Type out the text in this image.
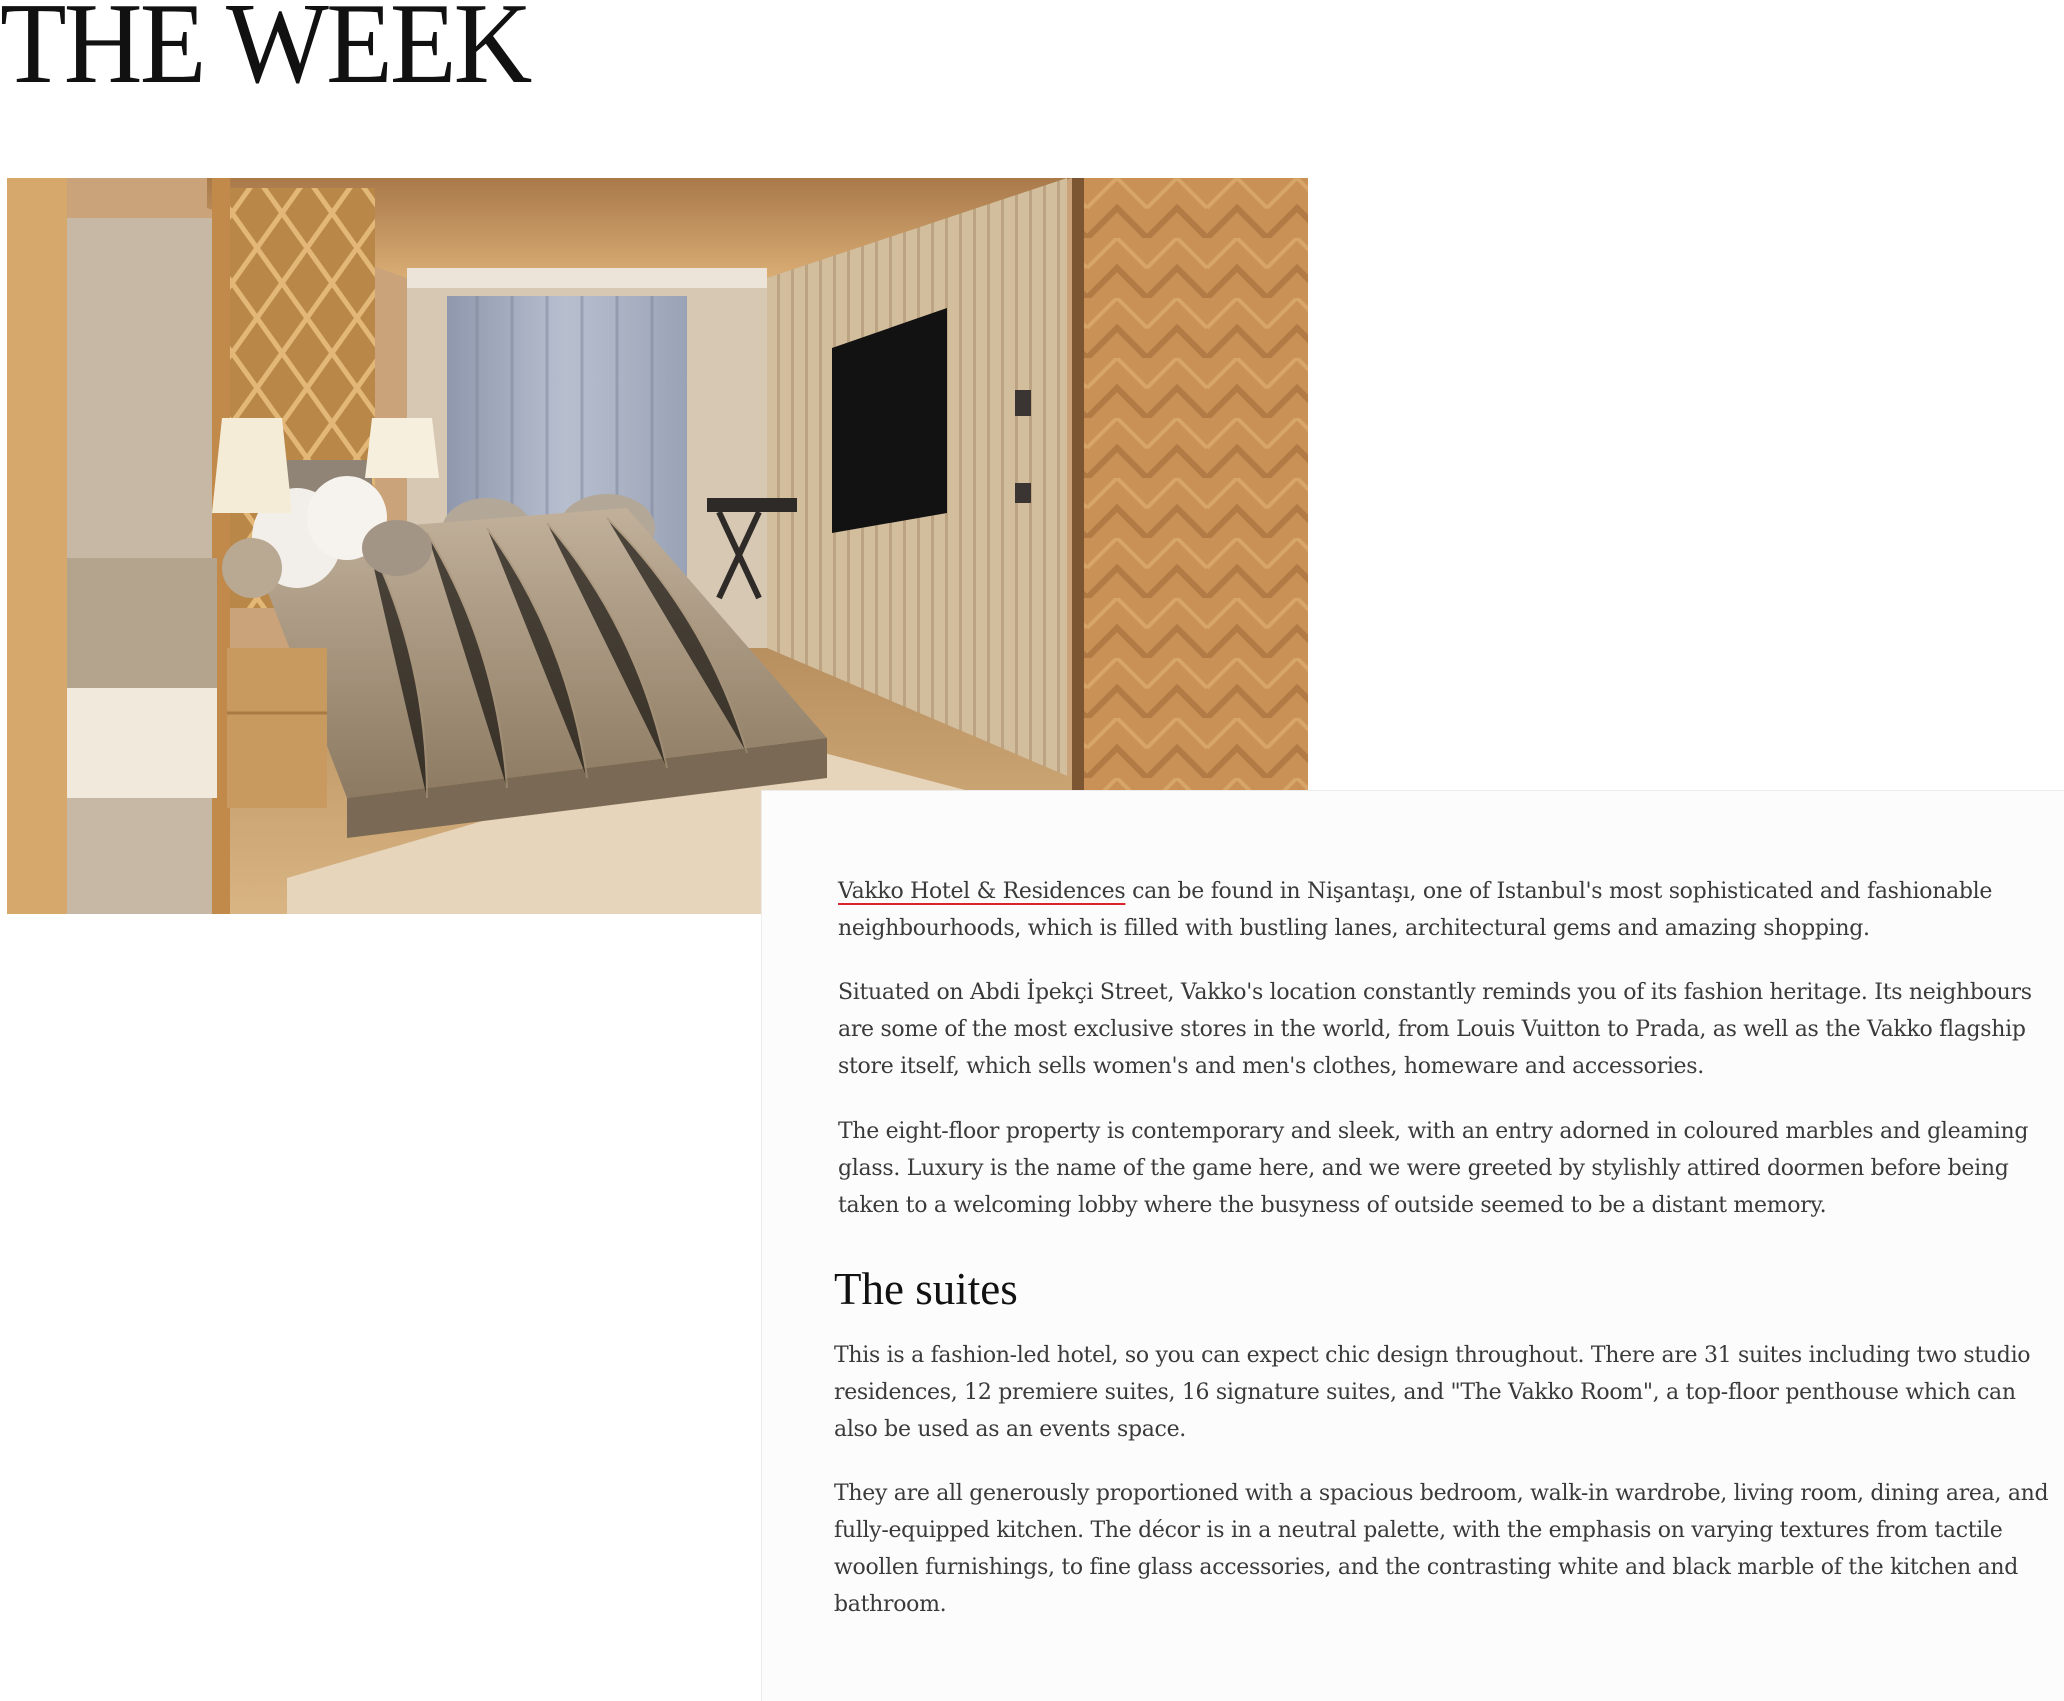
THE WEEK

Vakko Hotel & Residences can be found in Nişantaşı, one of Istanbul's most sophisticated and fashionable neighbourhoods, which is filled with bustling lanes, architectural gems and amazing shopping.

Situated on Abdi İpekçi Street, Vakko's location constantly reminds you of its fashion heritage. Its neighbours are some of the most exclusive stores in the world, from Louis Vuitton to Prada, as well as the Vakko flagship store itself, which sells women's and men's clothes, homeware and accessories.

The eight-floor property is contemporary and sleek, with an entry adorned in coloured marbles and gleaming glass. Luxury is the name of the game here, and we were greeted by stylishly attired doormen before being taken to a welcoming lobby where the busyness of outside seemed to be a distant memory.

The suites

This is a fashion-led hotel, so you can expect chic design throughout. There are 31 suites including two studio residences, 12 premiere suites, 16 signature suites, and "The Vakko Room", a top-floor penthouse which can also be used as an events space.

They are all generously proportioned with a spacious bedroom, walk-in wardrobe, living room, dining area, and fully-equipped kitchen. The décor is in a neutral palette, with the emphasis on varying textures from tactile woollen furnishings, to fine glass accessories, and the contrasting white and black marble of the kitchen and bathroom.
